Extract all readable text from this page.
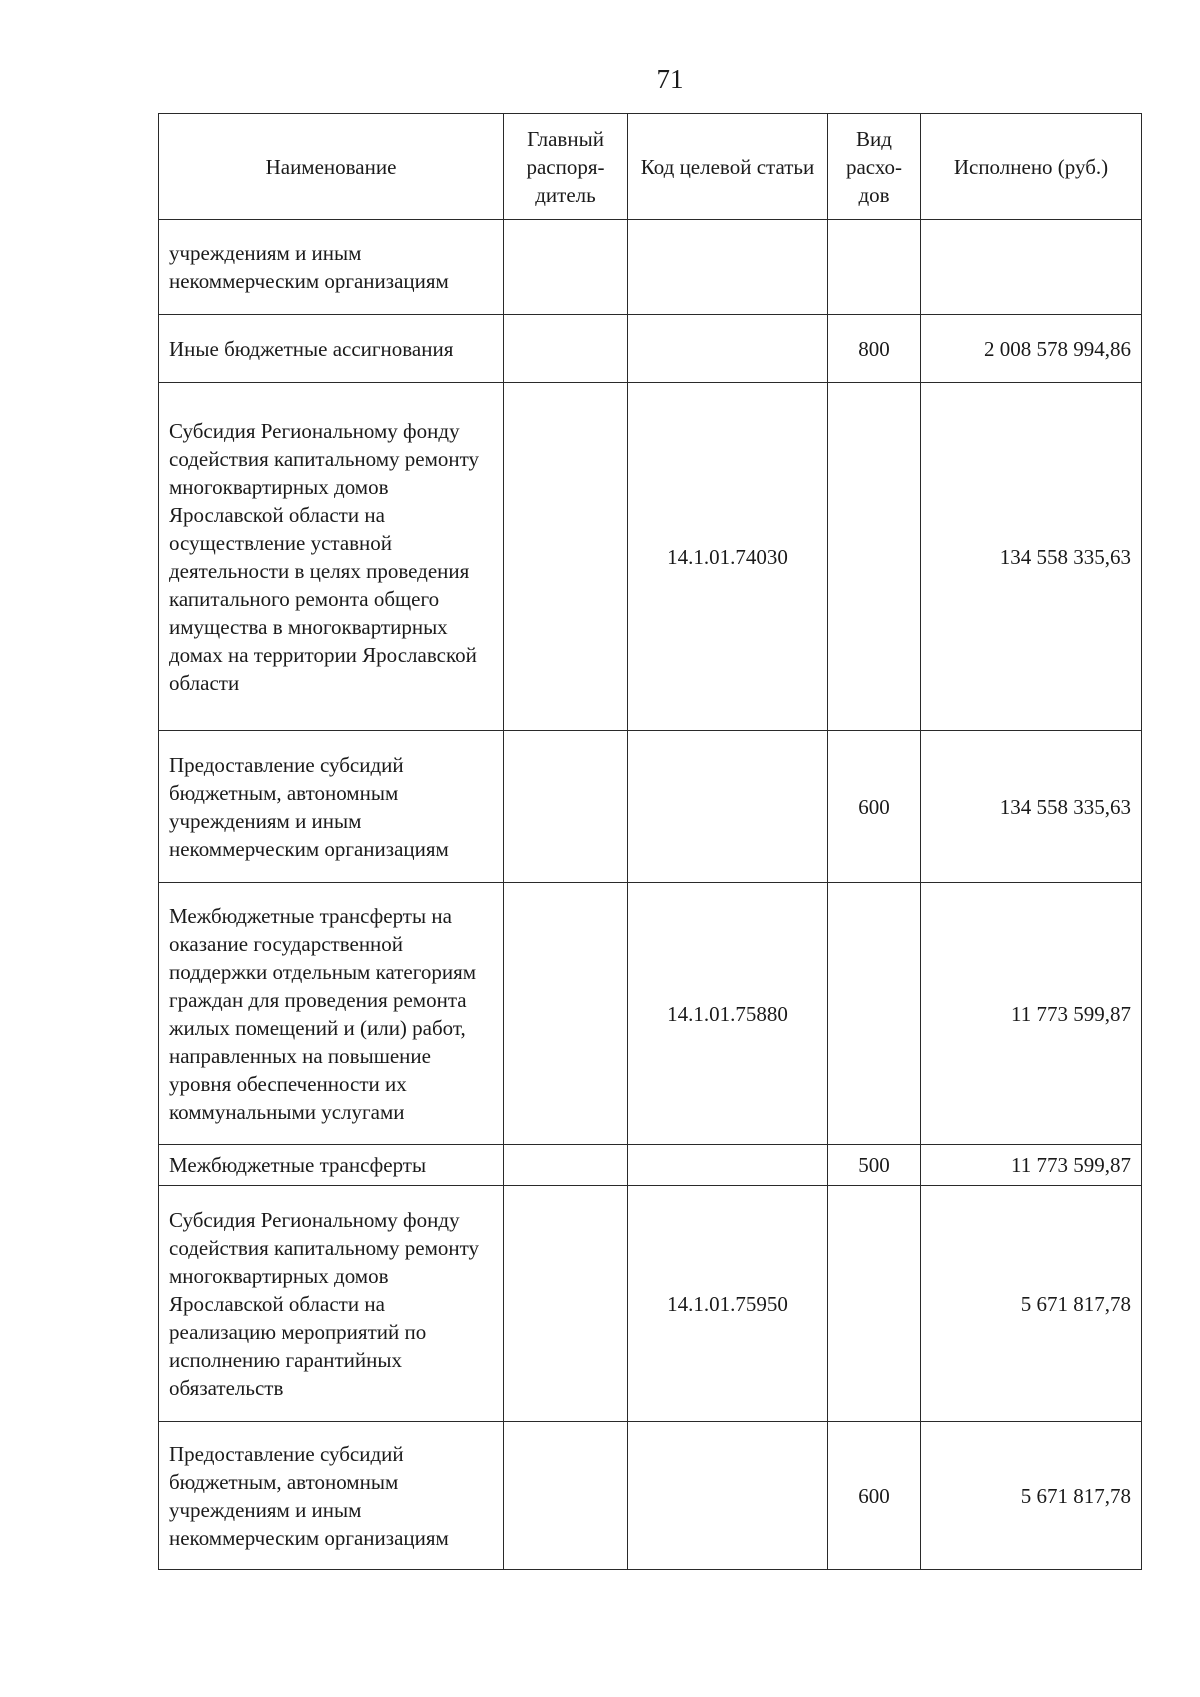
71
Наименование	Главный распоря-дитель	Код целевой статьи	Вид расхо-дов	Исполнено (руб.)
учреждениям и иным некоммерческим организациям				
Иные бюджетные ассигнования			800	2 008 578 994,86
Субсидия Региональному фонду содействия капитальному ремонту многоквартирных домов Ярославской области на осуществление уставной деятельности в целях проведения капитального ремонта общего имущества в многоквартирных домах на территории Ярославской области		14.1.01.74030		134 558 335,63
Предоставление субсидий бюджетным, автономным учреждениям и иным некоммерческим организациям			600	134 558 335,63
Межбюджетные трансферты на оказание государственной поддержки отдельным категориям граждан для проведения ремонта жилых помещений и (или) работ, направленных на повышение уровня обеспеченности их коммунальными услугами		14.1.01.75880		11 773 599,87
Межбюджетные трансферты			500	11 773 599,87
Субсидия Региональному фонду содействия капитальному ремонту многоквартирных домов Ярославской области на реализацию мероприятий по исполнению гарантийных обязательств		14.1.01.75950		5 671 817,78
Предоставление субсидий бюджетным, автономным учреждениям и иным некоммерческим организациям			600	5 671 817,78
